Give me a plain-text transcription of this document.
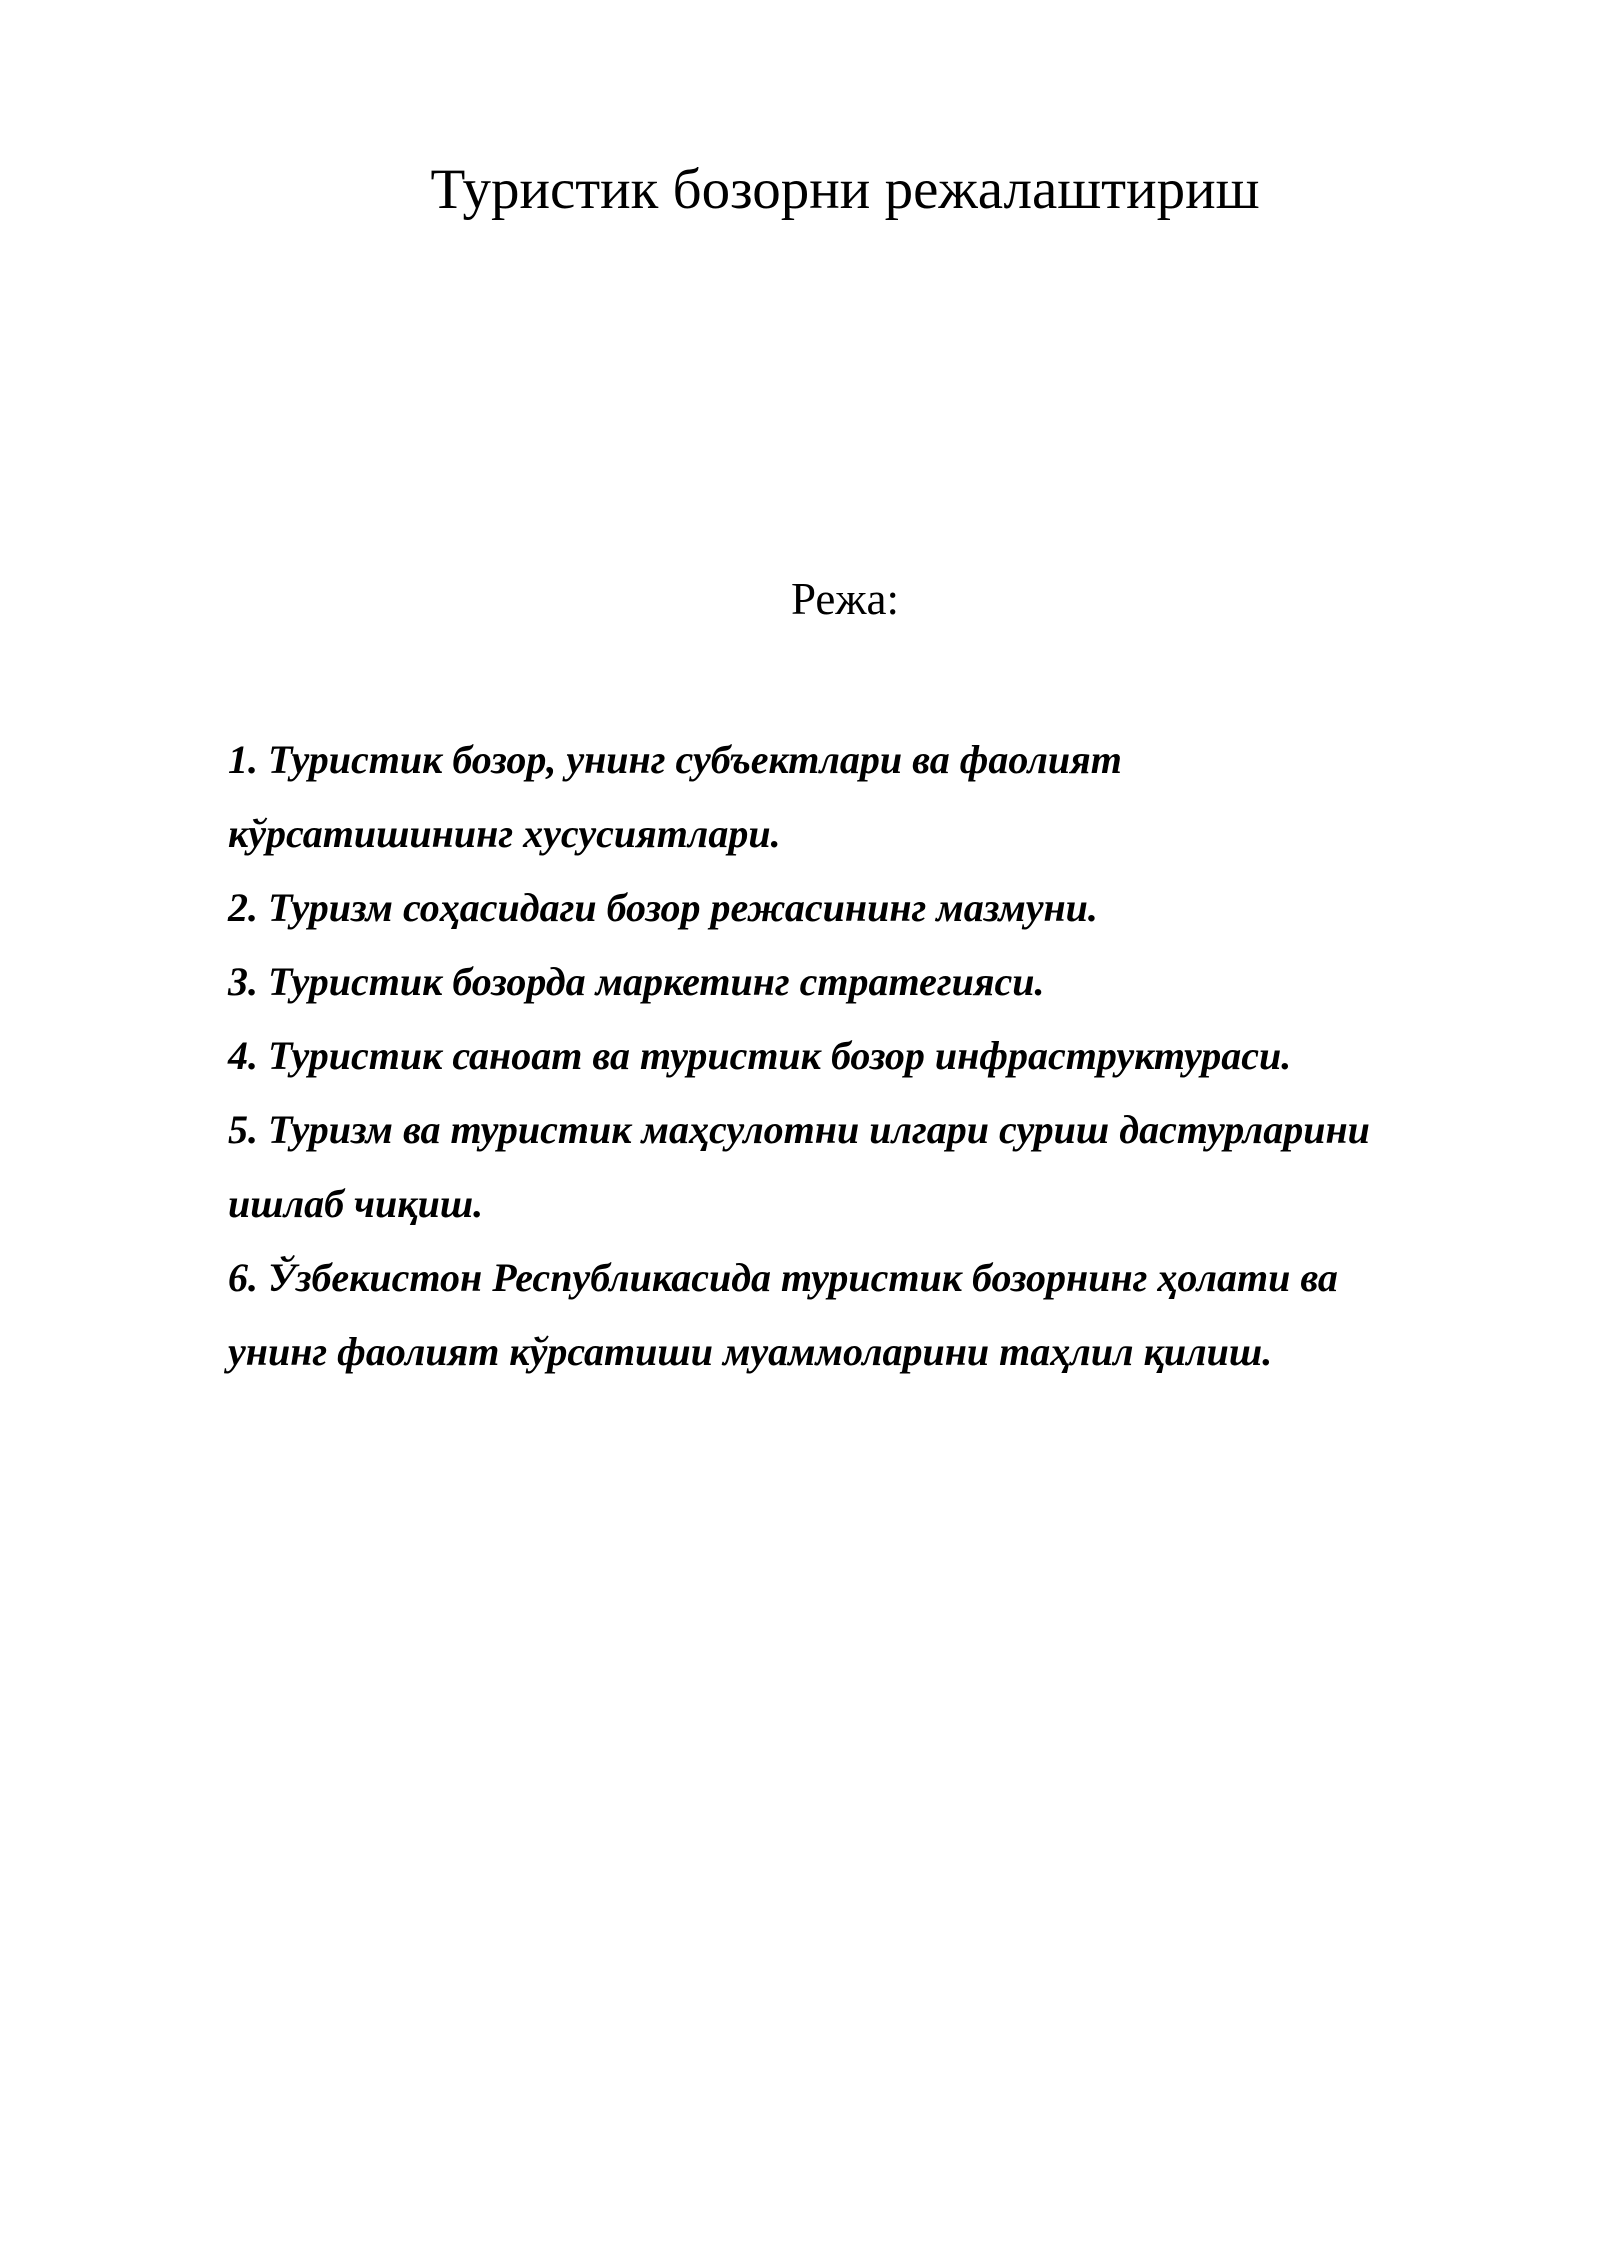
Туристик бозорни режалаштириш
Режа:
1. Туристик бозор, унинг субъектлари ва фаолият
кўрсатишининг хусусиятлари.
2. Туризм соҳасидаги бозор режасининг мазмуни.
3. Туристик бозорда маркетинг стратегияси.
4. Туристик саноат ва туристик бозор инфраструктураси.
5. Туризм ва туристик маҳсулотни илгари суриш дастурларини
ишлаб чиқиш.
6. Ўзбекистон Республикасида туристик бозорнинг ҳолати ва
унинг фаолият кўрсатиши муаммоларини таҳлил қилиш.
